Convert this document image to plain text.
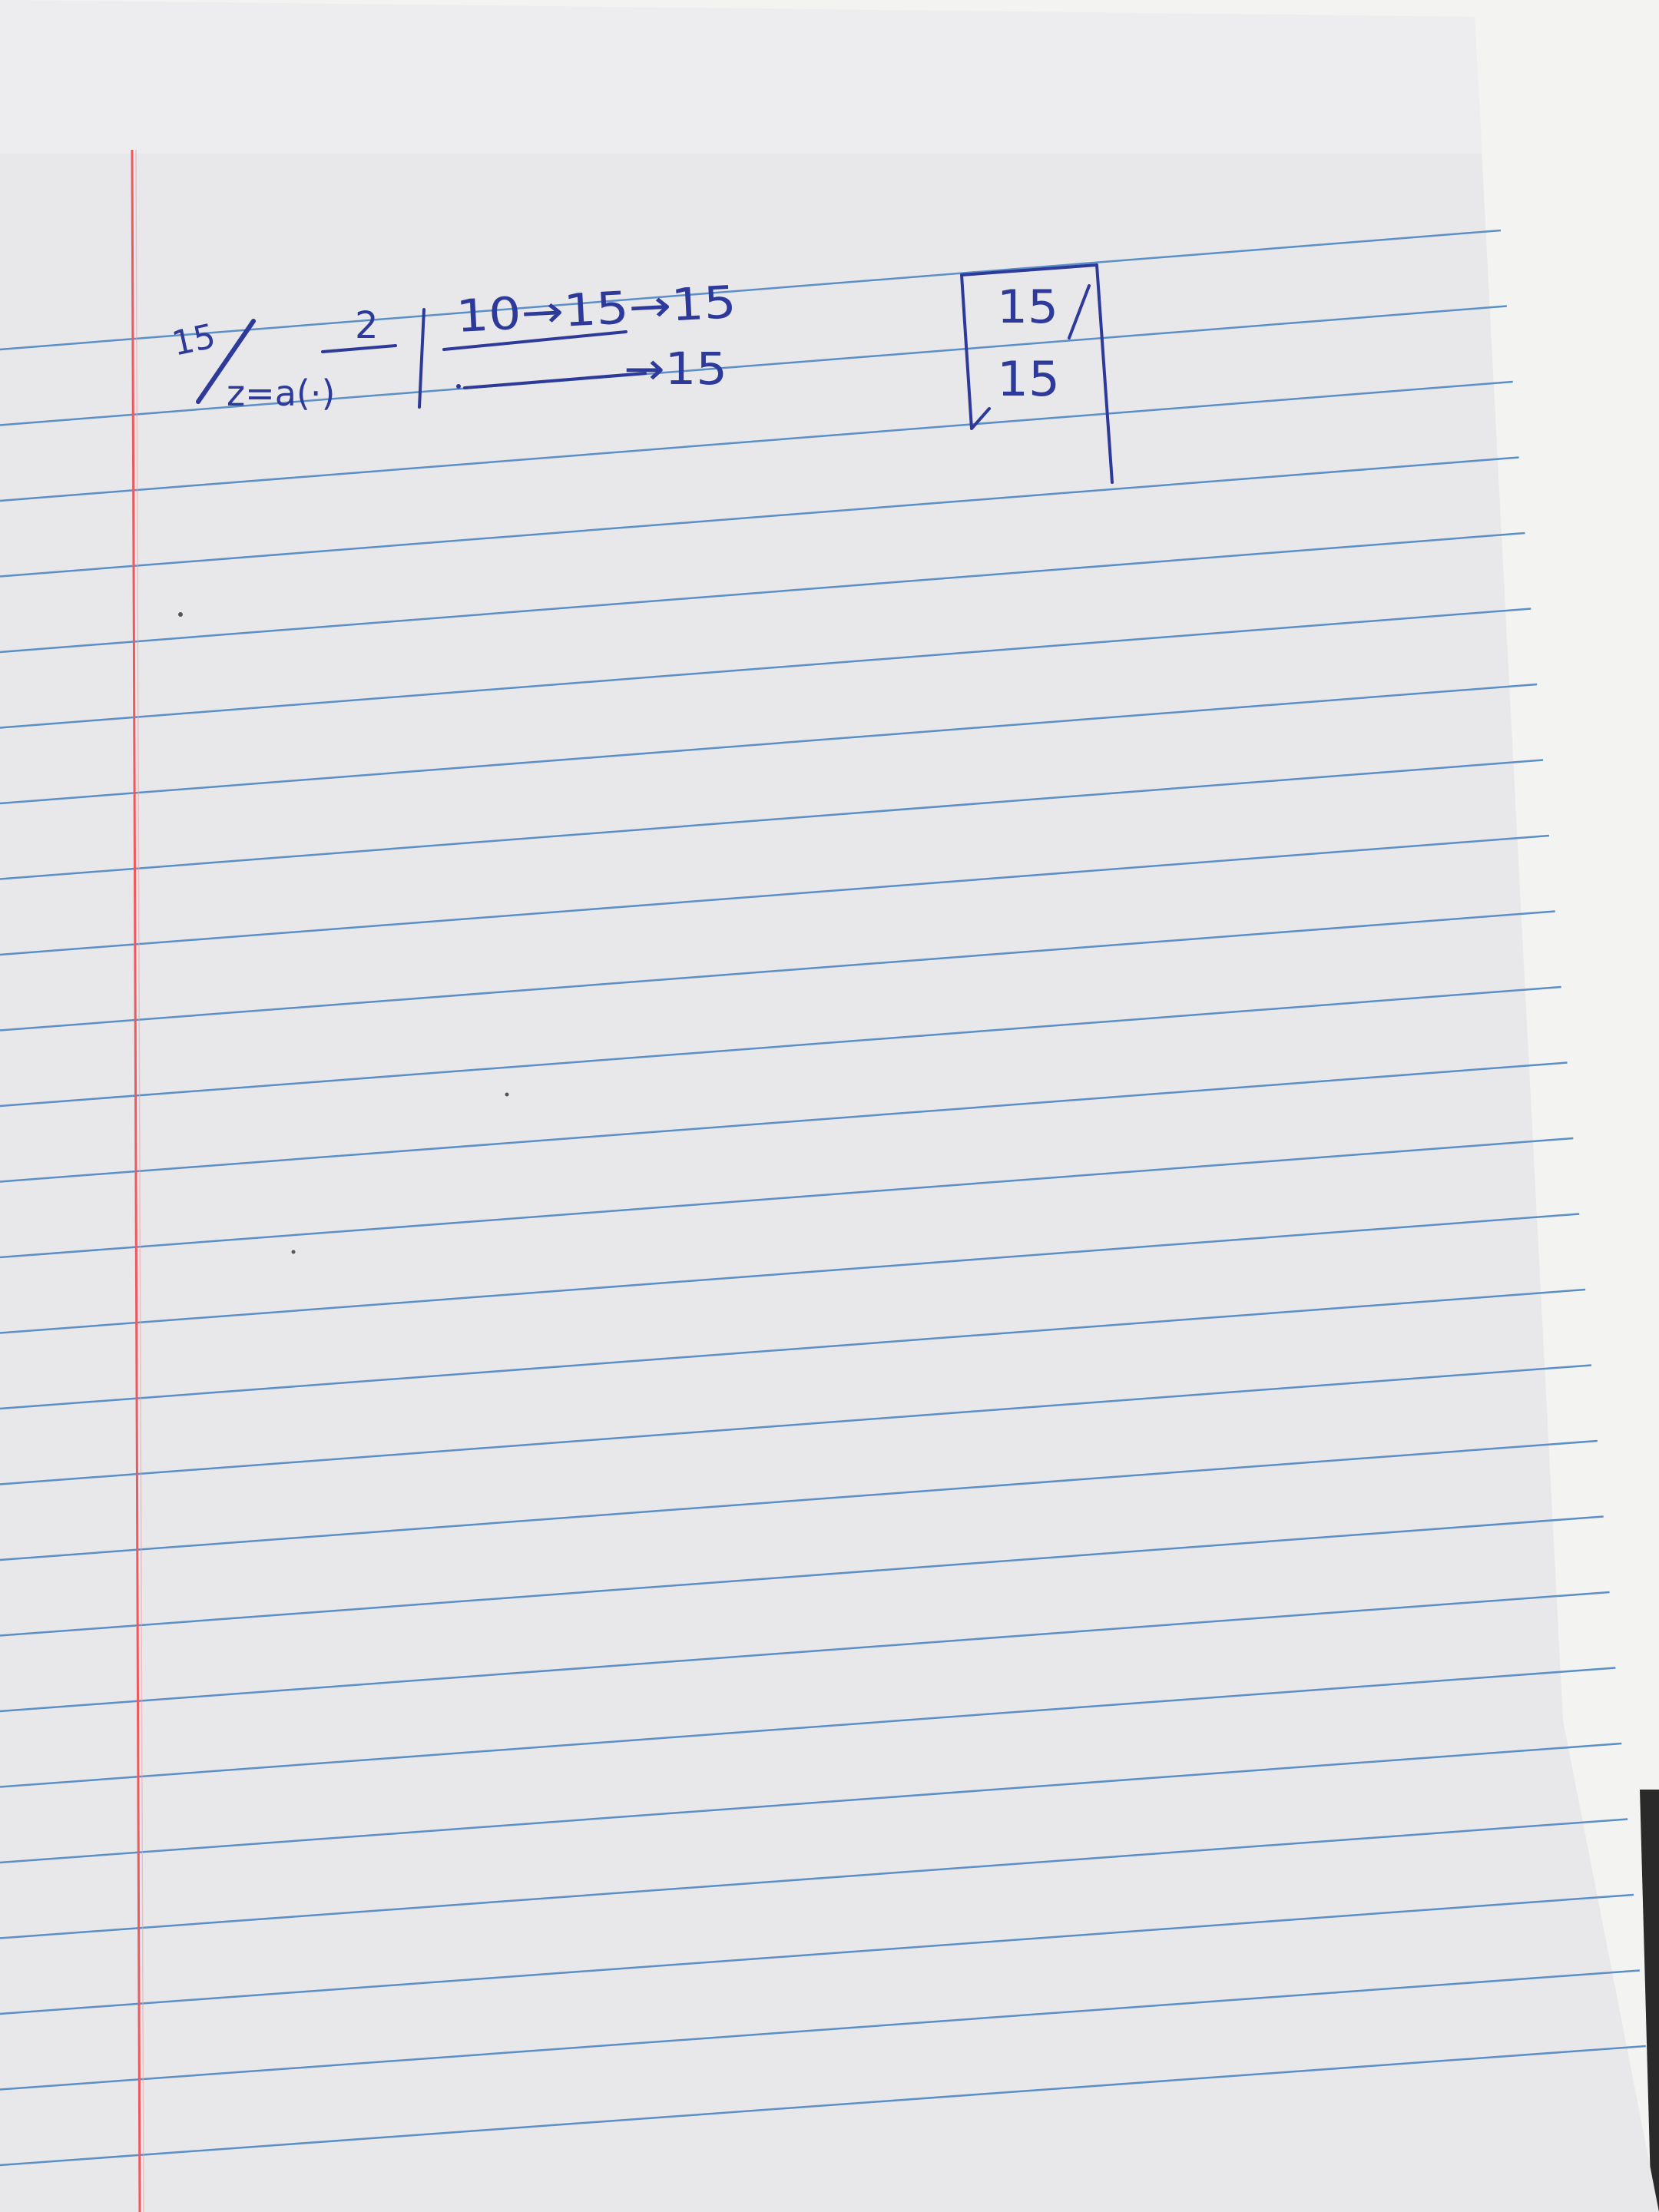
15
z=a(·)
2 10→15→15
→15
15
15
